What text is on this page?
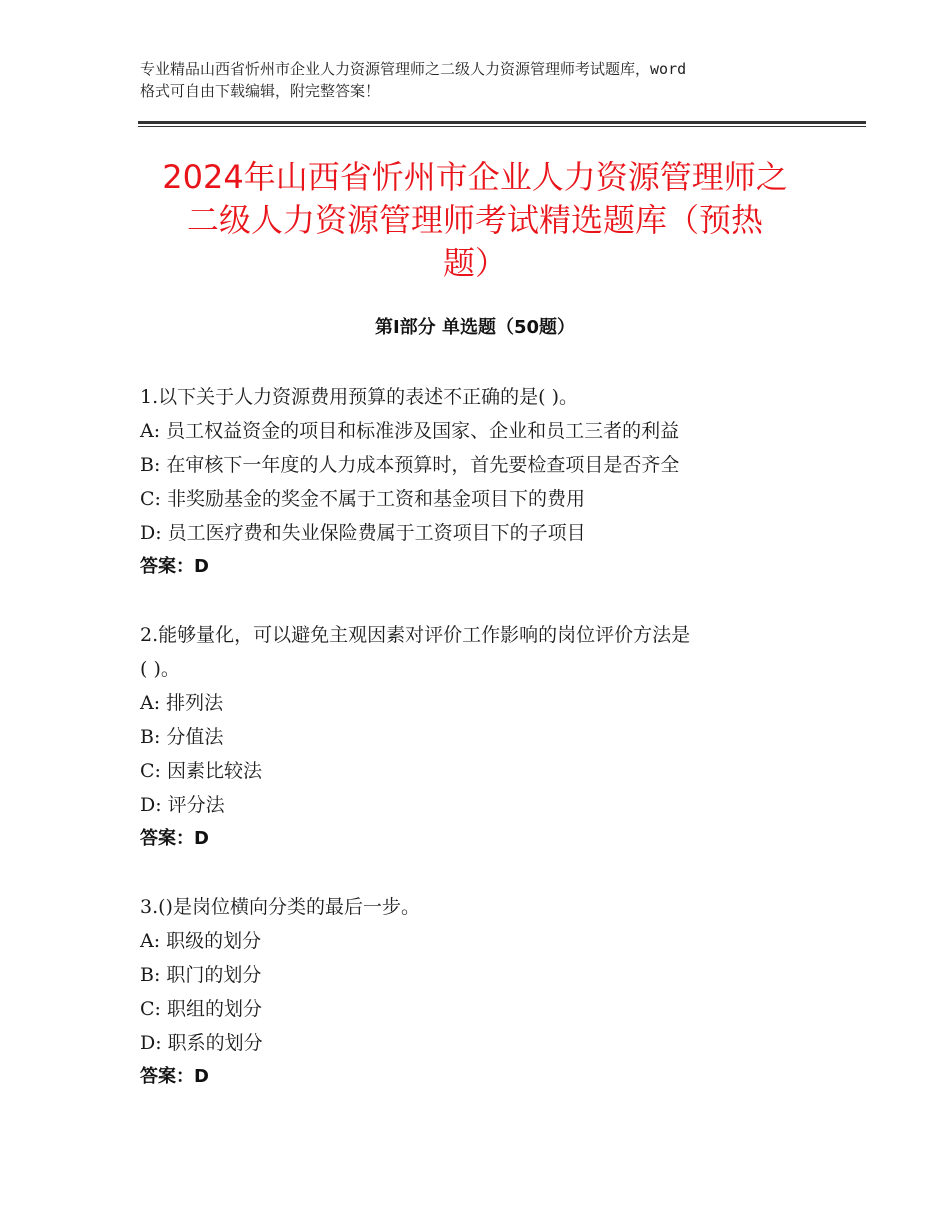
专业精品山西省忻州市企业人力资源管理师之二级人力资源管理师考试题库，word
格式可自由下载编辑，附完整答案！
2024年山西省忻州市企业人力资源管理师之
二级人力资源管理师考试精选题库（预热
题）
第Ⅰ部分 单选题（50题）
1.以下关于人力资源费用预算的表述不正确的是( )。
A: 员工权益资金的项目和标准涉及国家、企业和员工三者的利益
B: 在审核下一年度的人力成本预算时，首先要检查项目是否齐全
C: 非奖励基金的奖金不属于工资和基金项目下的费用
D: 员工医疗费和失业保险费属于工资项目下的子项目
答案：D
2.能够量化，可以避免主观因素对评价工作影响的岗位评价方法是
( )。
A: 排列法
B: 分值法
C: 因素比较法
D: 评分法
答案：D
3.()是岗位横向分类的最后一步。
A: 职级的划分
B: 职门的划分
C: 职组的划分
D: 职系的划分
答案：D
